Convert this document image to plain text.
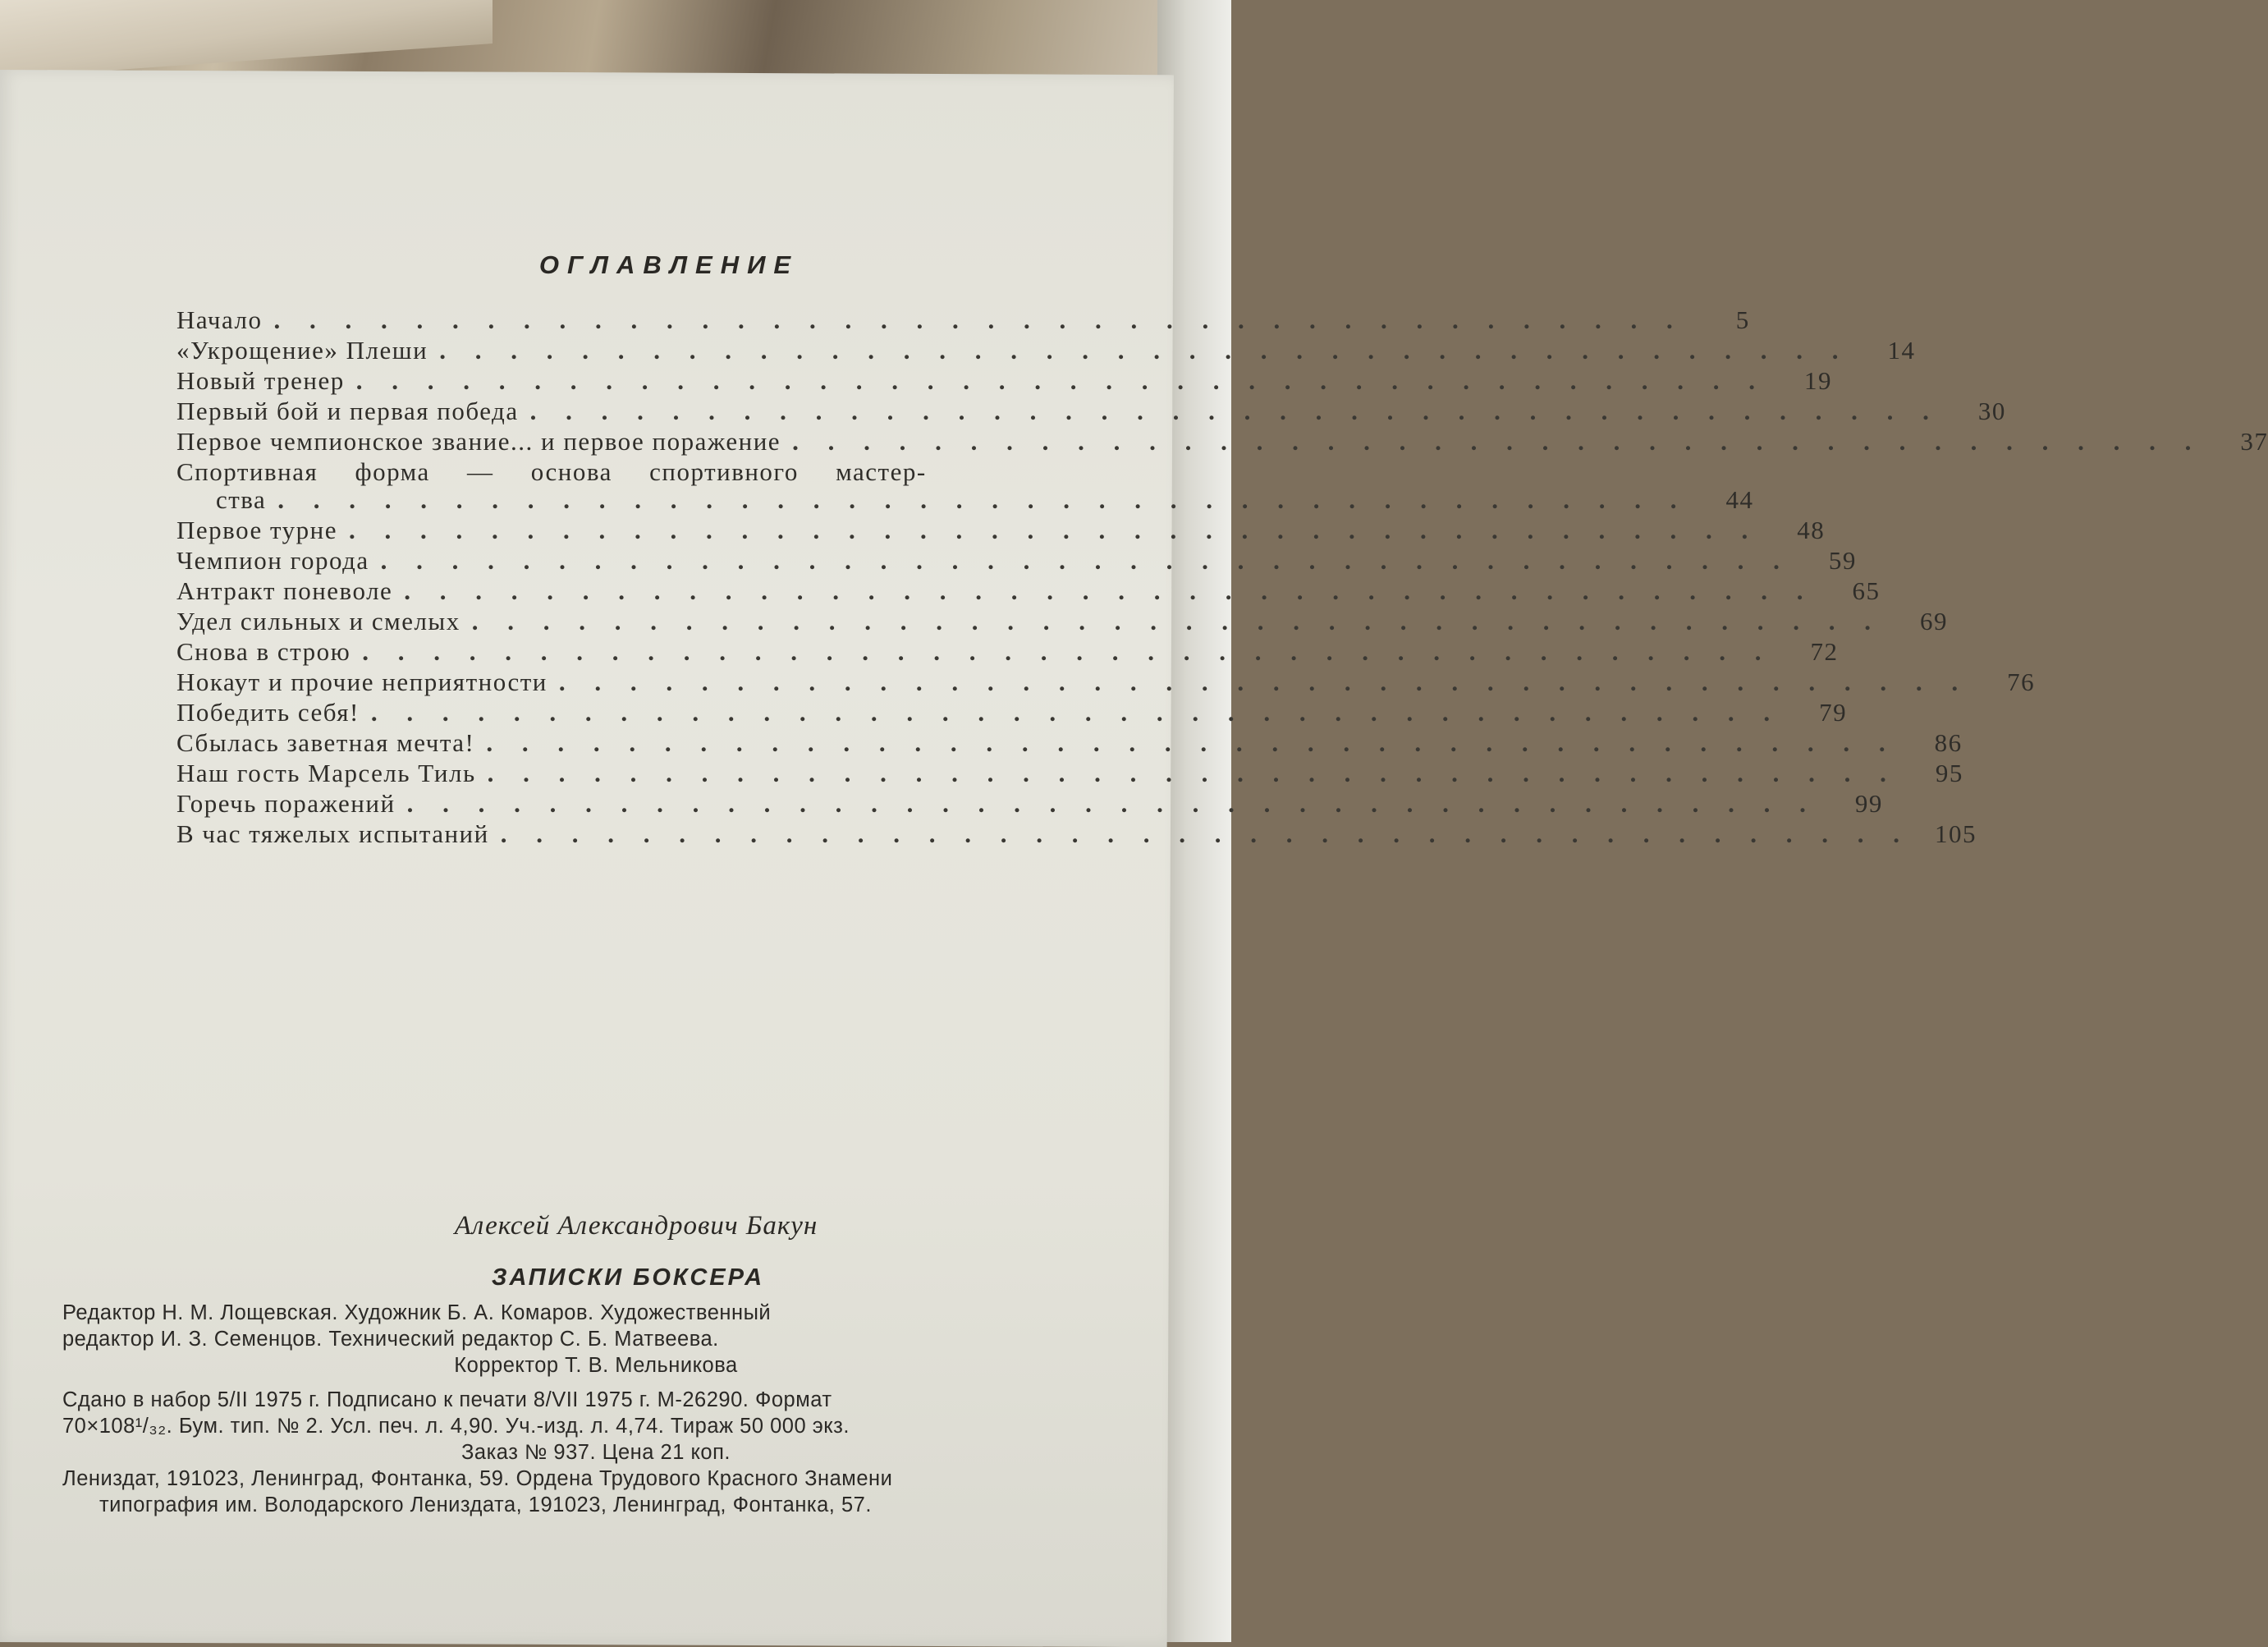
ОГЛАВЛЕНИЕ
Начало . . . . . . . . . . . . . . . . . . . . . . . . . . . . . . . . . . . . . . . .	5
«Укрощение» Плеши . . . . . . . . . . . . . . . . . . . . . . . . . . . . . . . . . . . . . . . .	14
Новый тренер . . . . . . . . . . . . . . . . . . . . . . . . . . . . . . . . . . . . . . . .	19
Первый бой и первая победа . . . . . . . . . . . . . . . . . . . . . . . . . . . . . . . . . . . . . . . .	30
Первое чемпионское звание... и первое поражение . . . . . . . . . . . . . . . . . . . . . . . . . . . . . . . . . . . . . . . .	37
Спортивная форма — основа спортивного мастер-
ства . . . . . . . . . . . . . . . . . . . . . . . . . . . . . . . . . . . . . . . .	44
Первое турне . . . . . . . . . . . . . . . . . . . . . . . . . . . . . . . . . . . . . . . .	48
Чемпион города . . . . . . . . . . . . . . . . . . . . . . . . . . . . . . . . . . . . . . . .	59
Антракт поневоле . . . . . . . . . . . . . . . . . . . . . . . . . . . . . . . . . . . . . . . .	65
Удел сильных и смелых . . . . . . . . . . . . . . . . . . . . . . . . . . . . . . . . . . . . . . . .	69
Снова в строю . . . . . . . . . . . . . . . . . . . . . . . . . . . . . . . . . . . . . . . .	72
Нокаут и прочие неприятности . . . . . . . . . . . . . . . . . . . . . . . . . . . . . . . . . . . . . . . .	76
Победить себя! . . . . . . . . . . . . . . . . . . . . . . . . . . . . . . . . . . . . . . . .	79
Сбылась заветная мечта! . . . . . . . . . . . . . . . . . . . . . . . . . . . . . . . . . . . . . . . .	86
Наш гость Марсель Тиль . . . . . . . . . . . . . . . . . . . . . . . . . . . . . . . . . . . . . . . .	95
Горечь поражений . . . . . . . . . . . . . . . . . . . . . . . . . . . . . . . . . . . . . . . .	99
В час тяжелых испытаний . . . . . . . . . . . . . . . . . . . . . . . . . . . . . . . . . . . . . . . . 105
Алексей Александрович Бакун
ЗАПИСКИ БОКСЕРА
Редактор Н. М. Лощевская. Художник Б. А. Комаров. Художественный
редактор И. З. Семенцов. Технический редактор С. Б. Матвеева.
Корректор Т. В. Мельникова
Сдано в набор 5/II 1975 г. Подписано к печати 8/VII 1975 г. М-26290. Формат
70×108¹/₃₂. Бум. тип. № 2. Усл. печ. л. 4,90. Уч.-изд. л. 4,74. Тираж 50 000 экз.
Заказ № 937. Цена 21 коп.
Лениздат, 191023, Ленинград, Фонтанка, 59. Ордена Трудового Красного Знамени
типография им. Володарского Лениздата, 191023, Ленинград, Фонтанка, 57.
